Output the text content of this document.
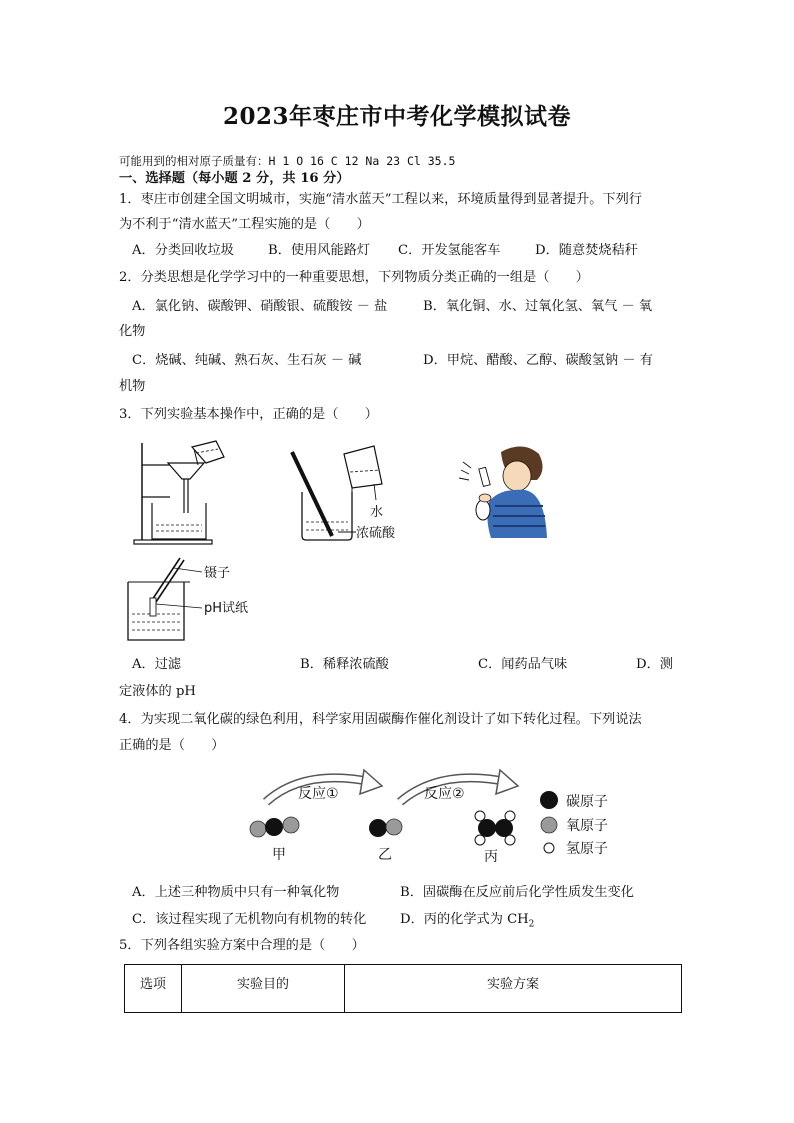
2023年枣庄市中考化学模拟试卷
可能用到的相对原子质量有：H 1 O 16 C 12 Na 23 Cl 35.5
一、选择题（每小题 2 分，共 16 分）
1．枣庄市创建全国文明城市，实施“清水蓝天”工程以来，环境质量得到显著提升。下列行
为不利于“清水蓝天”工程实施的是（　　）
A．分类回收垃圾	B．使用风能路灯 C．开发氢能客车	D．随意焚烧秸秆
2．分类思想是化学学习中的一种重要思想，下列物质分类正确的一组是（　　）
A．氯化钠、碳酸钾、硝酸银、硫酸铵 － 盐	B．氧化铜、水、过氧化氢、氧气 － 氧
化物
C．烧碱、纯碱、熟石灰、生石灰 － 碱	D．甲烷、醋酸、乙醇、碳酸氢钠 － 有
机物
3．下列实验基本操作中，正确的是（　　）
水
浓硫酸
镊子
pH试纸
A．过滤	B．稀释浓硫酸	C．闻药品气味	D．测
定液体的 pH
4．为实现二氧化碳的绿色利用，科学家用固碳酶作催化剂设计了如下转化过程。下列说法
正确的是（　　）
反应①	反应②
甲	乙	丙
碳原子
氧原子
氢原子
A．上述三种物质中只有一种氧化物	B．固碳酶在反应前后化学性质发生变化
C．该过程实现了无机物向有机物的转化	D．丙的化学式为 $CH_2$
5．下列各组实验方案中合理的是（　　）
选项	实验目的	实验方案
